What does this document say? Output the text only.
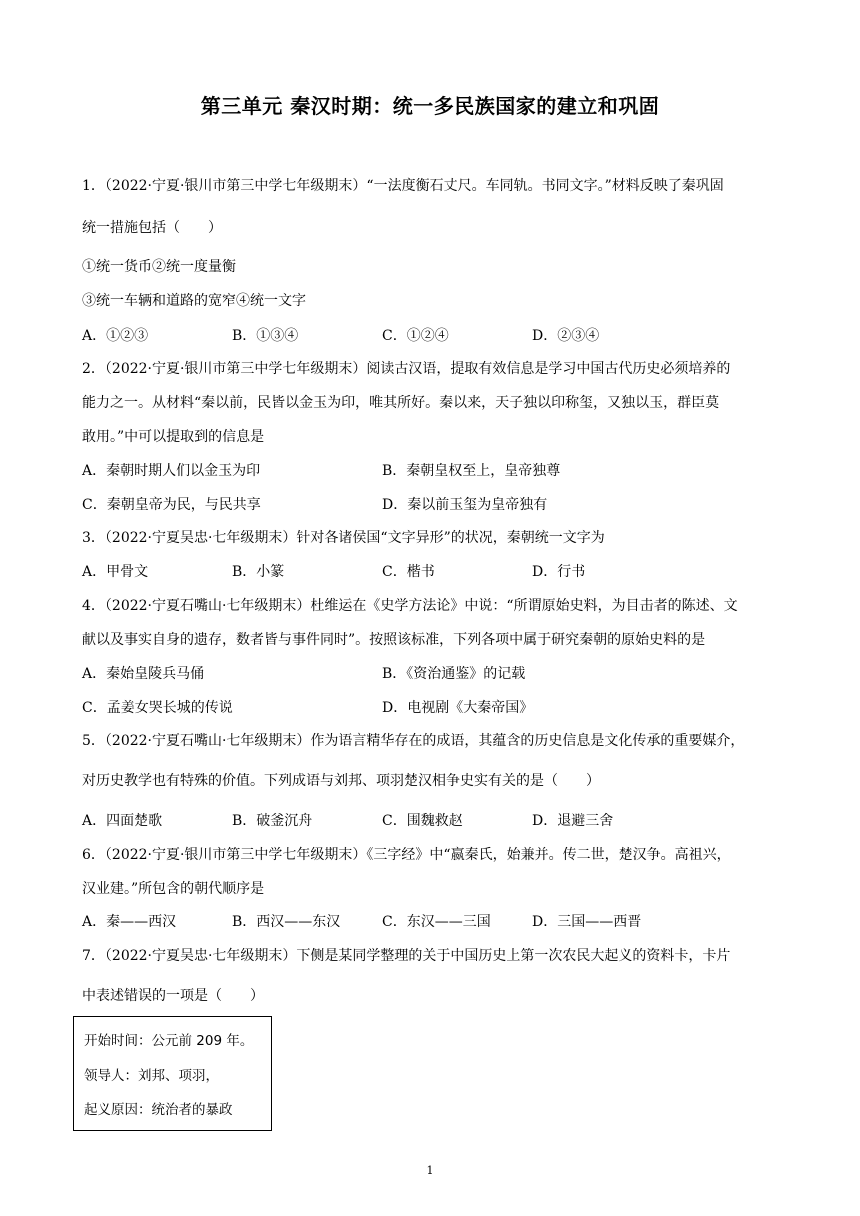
第三单元 秦汉时期：统一多民族国家的建立和巩固
1．（2022·宁夏·银川市第三中学七年级期末）“一法度衡石丈尺。车同轨。书同文字。”材料反映了秦巩固
统一措施包括（　　）
①统一货币②统一度量衡
③统一车辆和道路的宽窄④统一文字
A．①②③	B．①③④	C．①②④	D．②③④
2．（2022·宁夏·银川市第三中学七年级期末）阅读古汉语，提取有效信息是学习中国古代历史必须培养的
能力之一。从材料“秦以前，民皆以金玉为印，唯其所好。秦以来，天子独以印称玺，又独以玉，群臣莫
敢用。”中可以提取到的信息是
A．秦朝时期人们以金玉为印	B．秦朝皇权至上，皇帝独尊
C．秦朝皇帝为民，与民共享	D．秦以前玉玺为皇帝独有
3．（2022·宁夏吴忠·七年级期末）针对各诸侯国“文字异形”的状况，秦朝统一文字为
A．甲骨文	B．小篆	C．楷书	D．行书
4．（2022·宁夏石嘴山·七年级期末）杜维运在《史学方法论》中说：“所谓原始史料，为目击者的陈述、文
献以及事实自身的遗存，数者皆与事件同时”。按照该标准，下列各项中属于研究秦朝的原始史料的是
A．秦始皇陵兵马俑	B．《资治通鉴》的记载
C．孟姜女哭长城的传说	D．电视剧《大秦帝国》
5．（2022·宁夏石嘴山·七年级期末）作为语言精华存在的成语，其蕴含的历史信息是文化传承的重要媒介，
对历史教学也有特殊的价值。下列成语与刘邦、项羽楚汉相争史实有关的是（　　）
A．四面楚歌	B．破釜沉舟	C．围魏救赵	D．退避三舍
6．（2022·宁夏·银川市第三中学七年级期末）《三字经》中“嬴秦氏，始兼并。传二世，楚汉争。高祖兴，
汉业建。”所包含的朝代顺序是
A．秦——西汉	B．西汉——东汉	C．东汉——三国	D．三国——西晋
7．（2022·宁夏吴忠·七年级期末）下侧是某同学整理的关于中国历史上第一次农民大起义的资料卡，卡片
中表述错误的一项是（　　）
开始时间：公元前 209 年。
领导人：刘邦、项羽，
起义原因：统治者的暴政
1
